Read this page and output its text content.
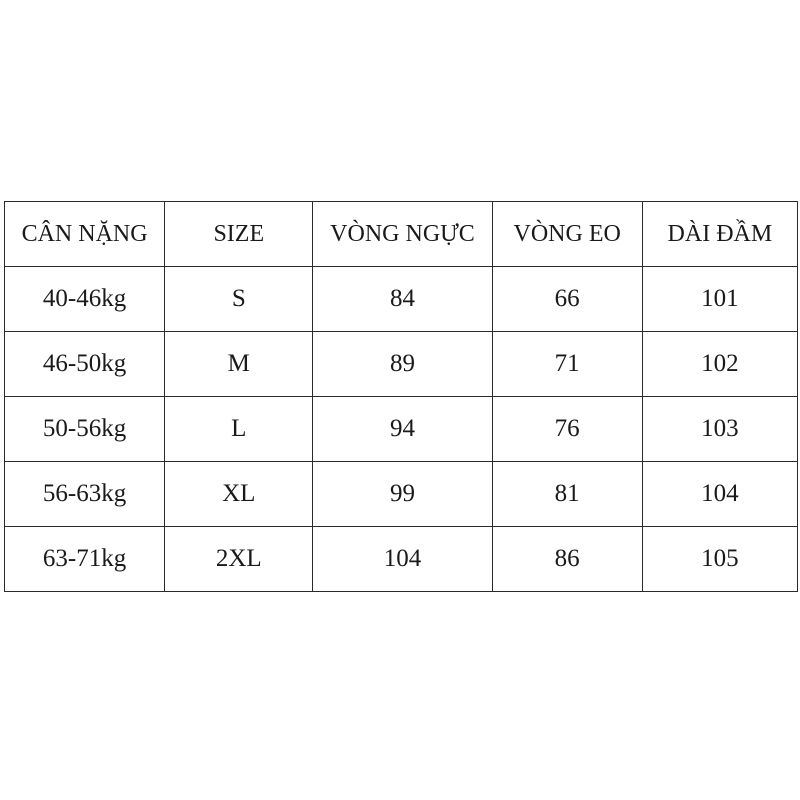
CÂN NẶNG	SIZE	VÒNG NGỰC	VÒNG EO	DÀI ĐẦM
40-46kg	S	84	66	101
46-50kg	M	89	71	102
50-56kg	L	94	76	103
56-63kg	XL	99	81	104
63-71kg	2XL	104	86	105
